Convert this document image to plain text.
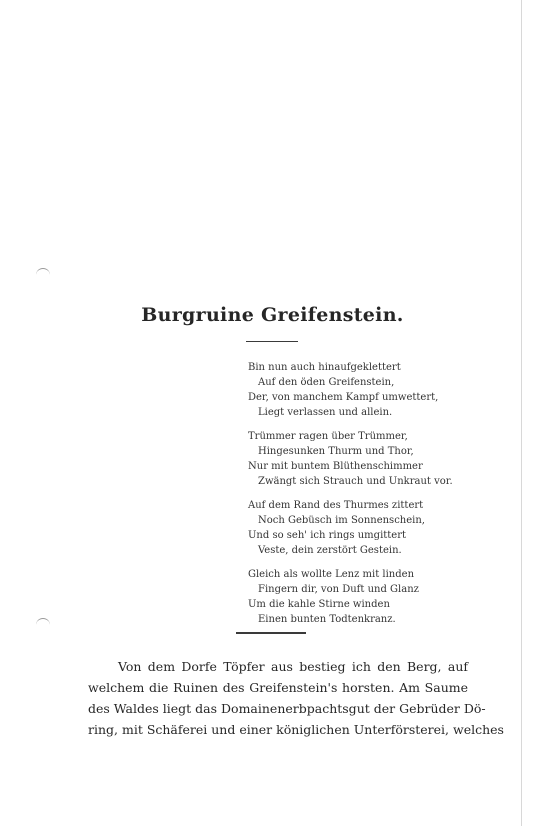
Burgruine Greifenstein.
Bin nun auch hinaufgeklettert
Auf den öden Greifenstein,
Der, von manchem Kampf umwettert,
Liegt verlassen und allein.
Trümmer ragen über Trümmer,
Hingesunken Thurm und Thor,
Nur mit buntem Blüthenschimmer
Zwängt sich Strauch und Unkraut vor.
Auf dem Rand des Thurmes zittert
Noch Gebüsch im Sonnenschein,
Und so seh' ich rings umgittert
Veste, dein zerstört Gestein.
Gleich als wollte Lenz mit linden
Fingern dir, von Duft und Glanz
Um die kahle Stirne winden
Einen bunten Todtenkranz.
Von dem Dorfe Töpfer aus bestieg ich den Berg, auf
welchem die Ruinen des Greifenstein's horsten. Am Saume
des Waldes liegt das Domainenerbpachtsgut der Gebrüder Dö-
ring, mit Schäferei und einer königlichen Unterförsterei, welches
